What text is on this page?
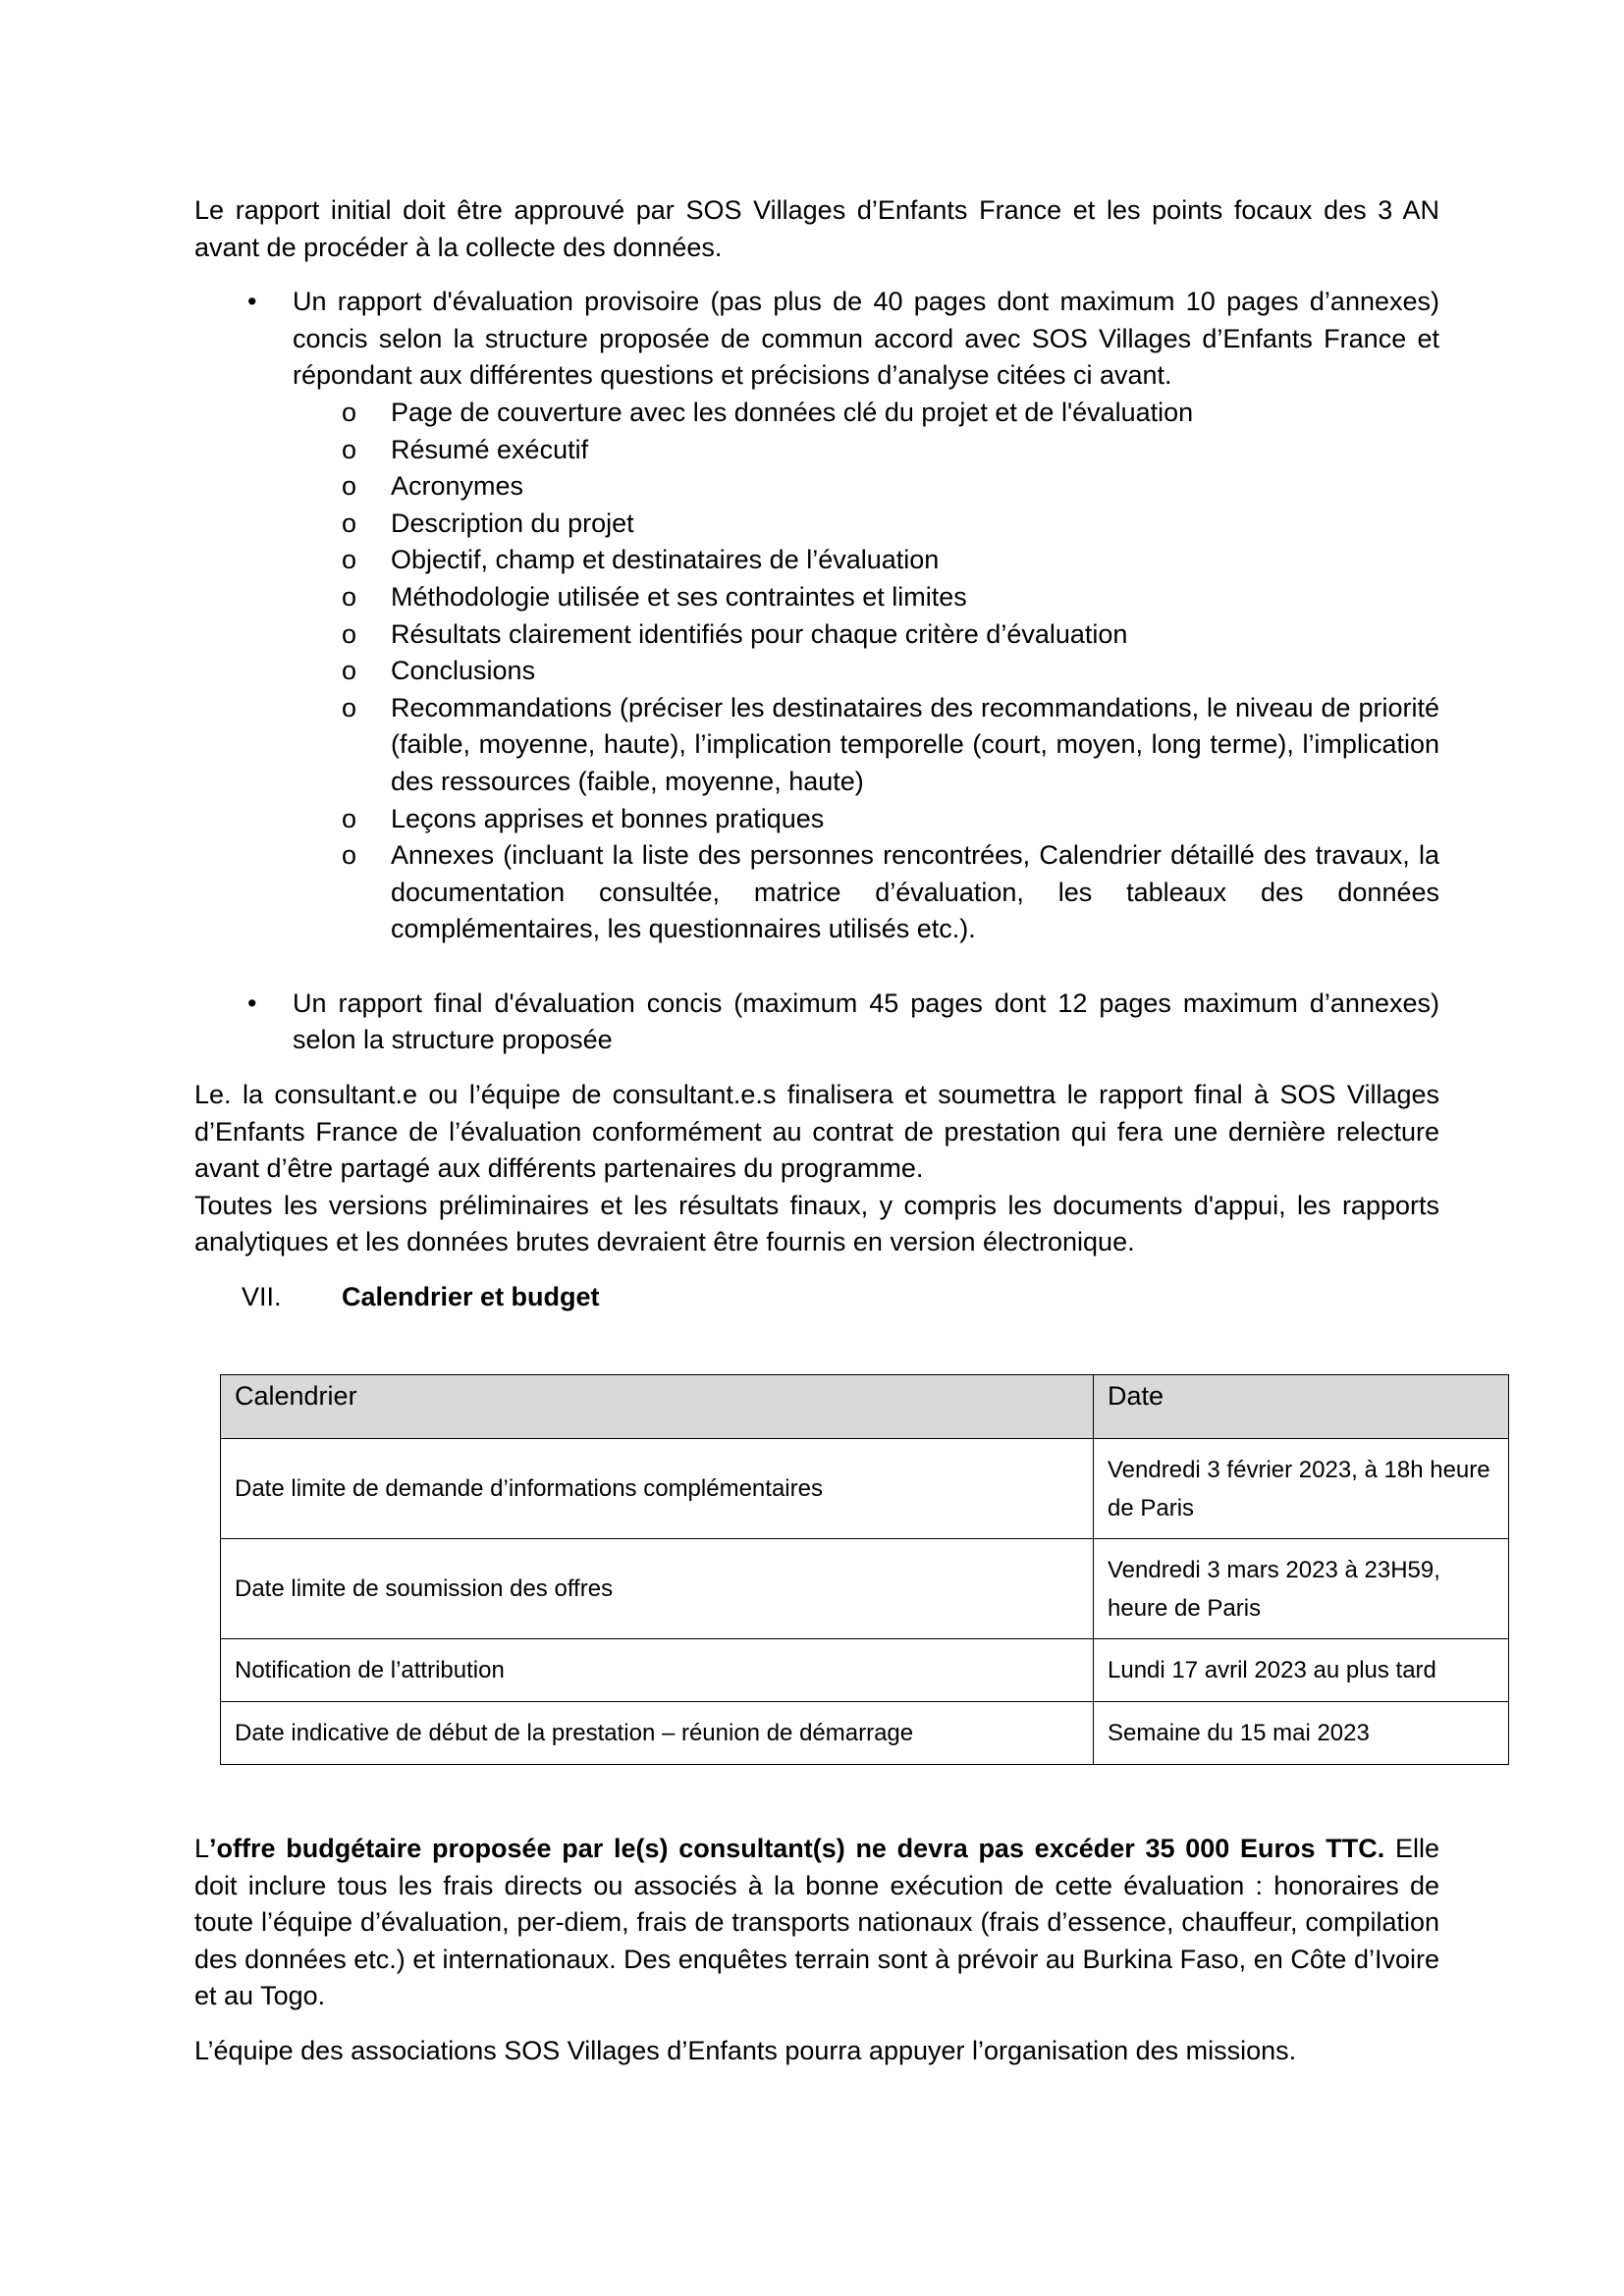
Le rapport initial doit être approuvé par SOS Villages d’Enfants France et les points focaux des 3 AN avant de procéder à la collecte des données.

• Un rapport d'évaluation provisoire (pas plus de 40 pages dont maximum 10 pages d’annexes) concis selon la structure proposée de commun accord avec SOS Villages d’Enfants France et répondant aux différentes questions et précisions d’analyse citées ci avant.

o Page de couverture avec les données clé du projet et de l'évaluation
o Résumé exécutif
o Acronymes
o Description du projet
o Objectif, champ et destinataires de l’évaluation
o Méthodologie utilisée et ses contraintes et limites
o Résultats clairement identifiés pour chaque critère d’évaluation
o Conclusions
o Recommandations (préciser les destinataires des recommandations, le niveau de priorité (faible, moyenne, haute), l’implication temporelle (court, moyen, long terme), l’implication des ressources (faible, moyenne, haute)
o Leçons apprises et bonnes pratiques
o Annexes (incluant la liste des personnes rencontrées, Calendrier détaillé des travaux, la documentation consultée, matrice d’évaluation, les tableaux des données complémentaires, les questionnaires utilisés etc.).
• Un rapport final d'évaluation concis (maximum 45 pages dont 12 pages maximum d’annexes) selon la structure proposée

Le. la consultant.e ou l’équipe de consultant.e.s finalisera et soumettra le rapport final à SOS Villages d’Enfants France de l’évaluation conformément au contrat de prestation qui fera une dernière relecture avant d’être partagé aux différents partenaires du programme.

Toutes les versions préliminaires et les résultats finaux, y compris les documents d'appui, les rapports analytiques et les données brutes devraient être fournis en version électronique.

VII.	Calendrier et budget
Calendrier	Date
Date limite de demande d’informations complémentaires	Vendredi 3 février 2023, à 18h heure de Paris
Date limite de soumission des offres	Vendredi 3 mars 2023 à 23H59, heure de Paris
Notification de l’attribution	Lundi 17 avril 2023 au plus tard
Date indicative de début de la prestation – réunion de démarrage	Semaine du 15 mai 2023

L’offre budgétaire proposée par le(s) consultant(s) ne devra pas excéder 35 000 Euros TTC. Elle doit inclure tous les frais directs ou associés à la bonne exécution de cette évaluation : honoraires de toute l’équipe d’évaluation, per-diem, frais de transports nationaux (frais d’essence, chauffeur, compilation des données etc.) et internationaux. Des enquêtes terrain sont à prévoir au Burkina Faso, en Côte d’Ivoire et au Togo.

L’équipe des associations SOS Villages d’Enfants pourra appuyer l’organisation des missions.
